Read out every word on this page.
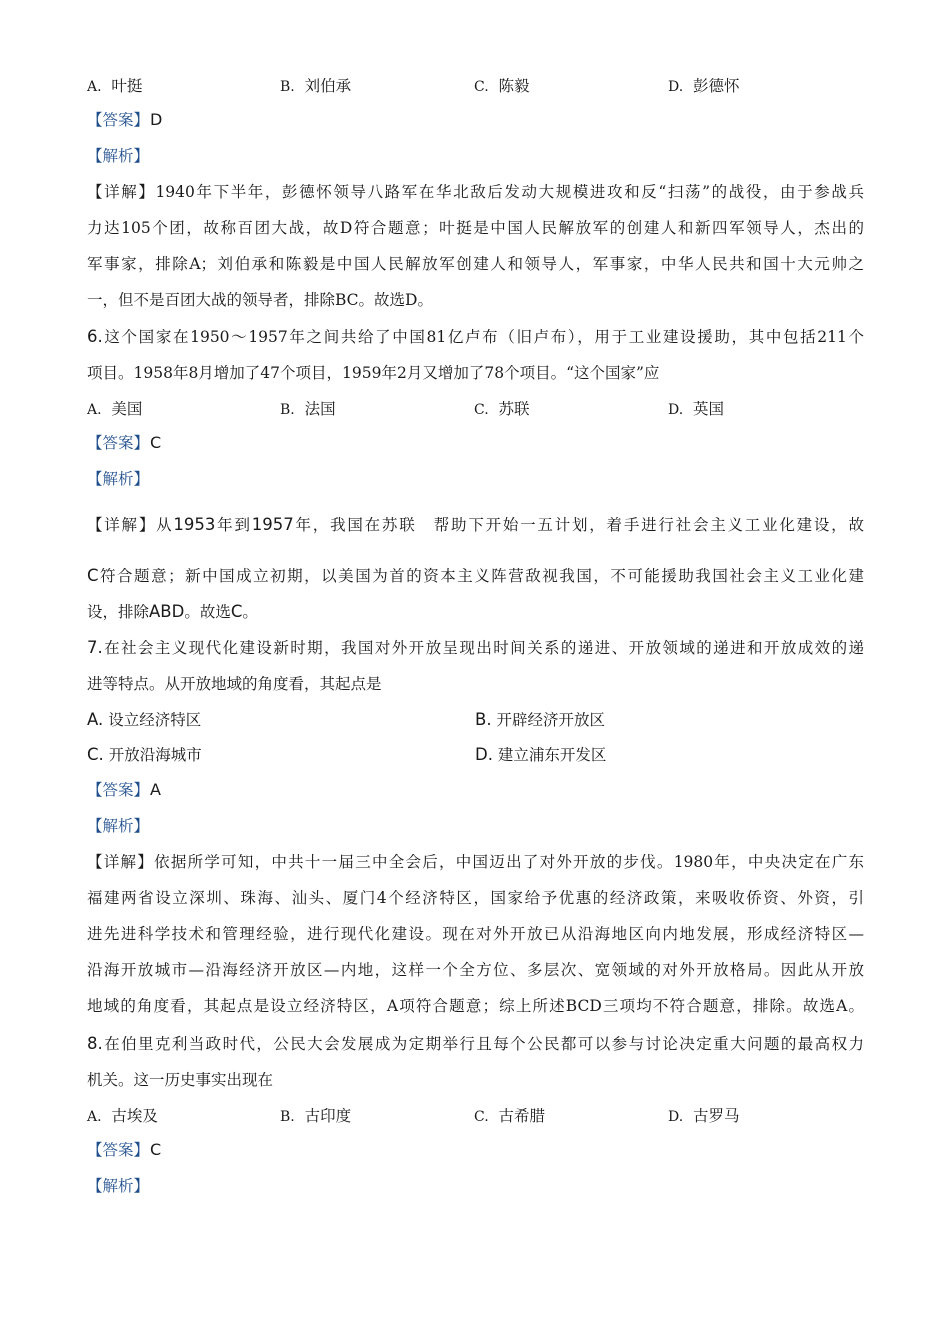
A. 叶挺	B. 刘伯承	C. 陈毅	D. 彭德怀
【答案】D
【解析】
【详解】1940年下半年，彭德怀领导八路军在华北敌后发动大规模进攻和反“扫荡”的战役，由于参战兵
力达105个团，故称百团大战，故D符合题意；叶挺是中国人民解放军的创建人和新四军领导人，杰出的
军事家，排除A；刘伯承和陈毅是中国人民解放军创建人和领导人，军事家，中华人民共和国十大元帅之
一，但不是百团大战的领导者，排除BC。故选D。
6.这个国家在1950～1957年之间共给了中国81亿卢布（旧卢布），用于工业建设援助，其中包括211个
项目。1958年8月增加了47个项目，1959年2月又增加了78个项目。“这个国家”应
A. 美国	B. 法国	C. 苏联	D. 英国
【答案】C
【解析】
【详解】从1953年到1957年，我国在苏联　帮助下开始一五计划，着手进行社会主义工业化建设，故
C符合题意；新中国成立初期，以美国为首的资本主义阵营敌视我国，不可能援助我国社会主义工业化建
设，排除ABD。故选C。
7.在社会主义现代化建设新时期，我国对外开放呈现出时间关系的递进、开放领域的递进和开放成效的递
进等特点。从开放地域的角度看，其起点是
A. 设立经济特区	B. 开辟经济开放区
C. 开放沿海城市	D. 建立浦东开发区
【答案】A
【解析】
【详解】依据所学可知，中共十一届三中全会后，中国迈出了对外开放的步伐。1980年，中央决定在广东
福建两省设立深圳、珠海、汕头、厦门4个经济特区，国家给予优惠的经济政策，来吸收侨资、外资，引
进先进科学技术和管理经验，进行现代化建设。现在对外开放已从沿海地区向内地发展，形成经济特区—
沿海开放城市—沿海经济开放区—内地，这样一个全方位、多层次、宽领域的对外开放格局。因此从开放
地域的角度看，其起点是设立经济特区，A项符合题意；综上所述BCD三项均不符合题意，排除。故选A。
8.在伯里克利当政时代，公民大会发展成为定期举行且每个公民都可以参与讨论决定重大问题的最高权力
机关。这一历史事实出现在
A. 古埃及	B. 古印度	C. 古希腊	D. 古罗马
【答案】C
【解析】
